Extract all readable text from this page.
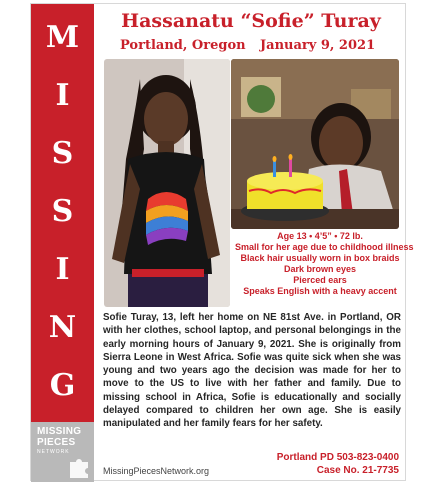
M
I
S
S
I
N
G
MISSING
PIECES
NETWORK
Hassanatu “Sofie” Turay
Portland, Oregon January 9, 2021
Age 13 • 4’5” • 72 lb.
Small for her age due to childhood illness
Black hair usually worn in box braids
Dark brown eyes
Pierced ears
Speaks English with a heavy accent
Sofie Turay, 13, left her home on NE 81st Ave. in Portland, OR with her clothes, school laptop, and personal belongings in the early morning hours of January 9, 2021. She is originally from Sierra Leone in West Africa. Sofie was quite sick when she was young and two years ago the decision was made for her to move to the US to live with her father and family. Due to missing school in Africa, Sofie is educationally and socially delayed compared to children her own age. She is easily manipulated and her family fears for her safety.
MissingPiecesNetwork.org
Portland PD 503-823-0400
Case No. 21-7735
